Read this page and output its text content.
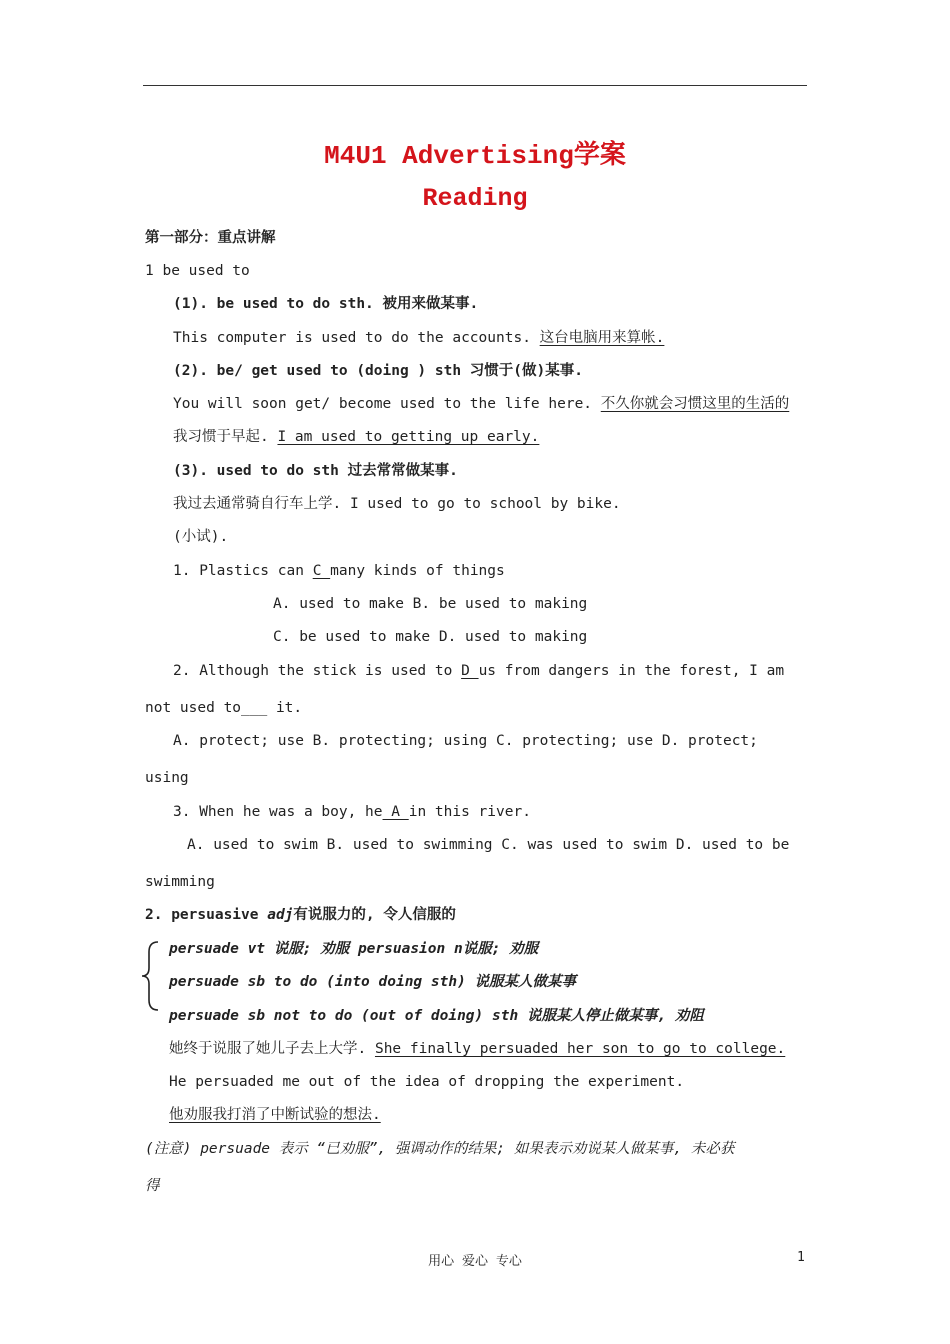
M4U1 Advertising学案
Reading
第一部分：重点讲解
1 be used to
(1). be used to do sth. 被用来做某事.
This computer is used to do the accounts. 这台电脑用来算帐.
(2). be/ get used to (doing ) sth 习惯于(做)某事.
You will soon get/ become used to the life here. 不久你就会习惯这里的生活的
我习惯于早起. I am used to getting up early.
(3). used to do sth 过去常常做某事.
我过去通常骑自行车上学. I used to go to school by bike.
(小试).
1. Plastics can C many kinds of things
A. used to make B. be used to making
C. be used to make D. used to making
2. Although the stick is used to D us from dangers in the forest, I am
not used to___ it.
A. protect; use B. protecting; using C. protecting; use D. protect;
using
3. When he was a boy, he A in this river.
A. used to swim B. used to swimming C. was used to swim D. used to be
swimming
2. persuasive adj有说服力的, 令人信服的
persuade vt 说服; 劝服 persuasion n说服; 劝服
persuade sb to do (into doing sth) 说服某人做某事
persuade sb not to do (out of doing) sth 说服某人停止做某事, 劝阻
她终于说服了她儿子去上大学. She finally persuaded her son to go to college.
He persuaded me out of the idea of dropping the experiment.
他劝服我打消了中断试验的想法.
(注意) persuade 表示 “已劝服”, 强调动作的结果; 如果表示劝说某人做某事, 未必获
得
用心 爱心 专心	1
